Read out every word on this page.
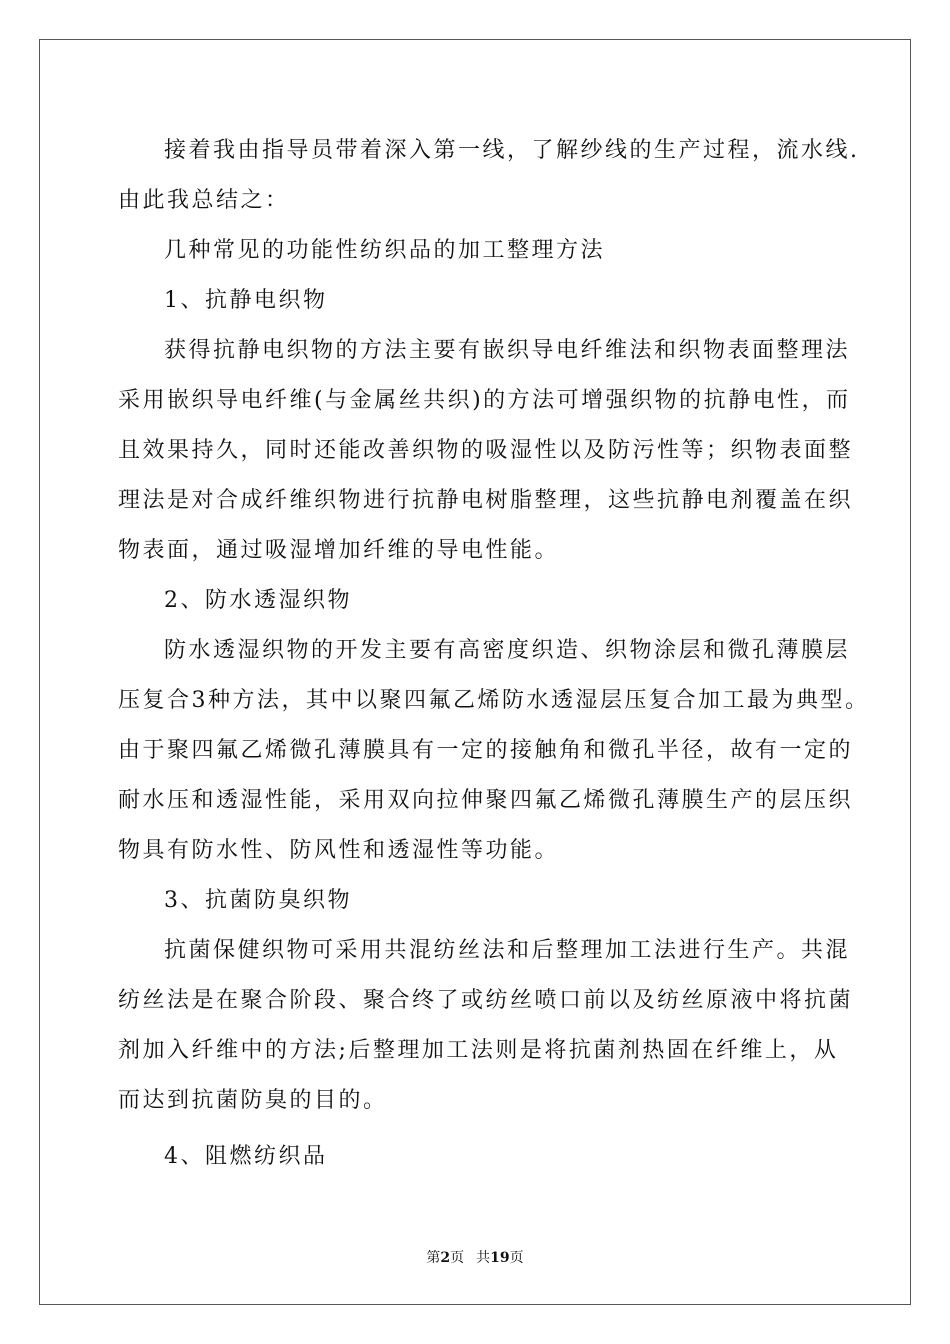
接着我由指导员带着深入第一线，了解纱线的生产过程，流水线.

由此我总结之：

几种常见的功能性纺织品的加工整理方法

1、抗静电织物

获得抗静电织物的方法主要有嵌织导电纤维法和织物表面整理法

采用嵌织导电纤维(与金属丝共织)的方法可增强织物的抗静电性，而

且效果持久，同时还能改善织物的吸湿性以及防污性等；织物表面整

理法是对合成纤维织物进行抗静电树脂整理，这些抗静电剂覆盖在织

物表面，通过吸湿增加纤维的导电性能。

2、防水透湿织物

防水透湿织物的开发主要有高密度织造、织物涂层和微孔薄膜层

压复合3种方法，其中以聚四氟乙烯防水透湿层压复合加工最为典型。

由于聚四氟乙烯微孔薄膜具有一定的接触角和微孔半径，故有一定的

耐水压和透湿性能，采用双向拉伸聚四氟乙烯微孔薄膜生产的层压织

物具有防水性、防风性和透湿性等功能。

3、抗菌防臭织物

抗菌保健织物可采用共混纺丝法和后整理加工法进行生产。共混

纺丝法是在聚合阶段、聚合终了或纺丝喷口前以及纺丝原液中将抗菌

剂加入纤维中的方法;后整理加工法则是将抗菌剂热固在纤维上，从

而达到抗菌防臭的目的。

4、阻燃纺织品

第2页 共19页
